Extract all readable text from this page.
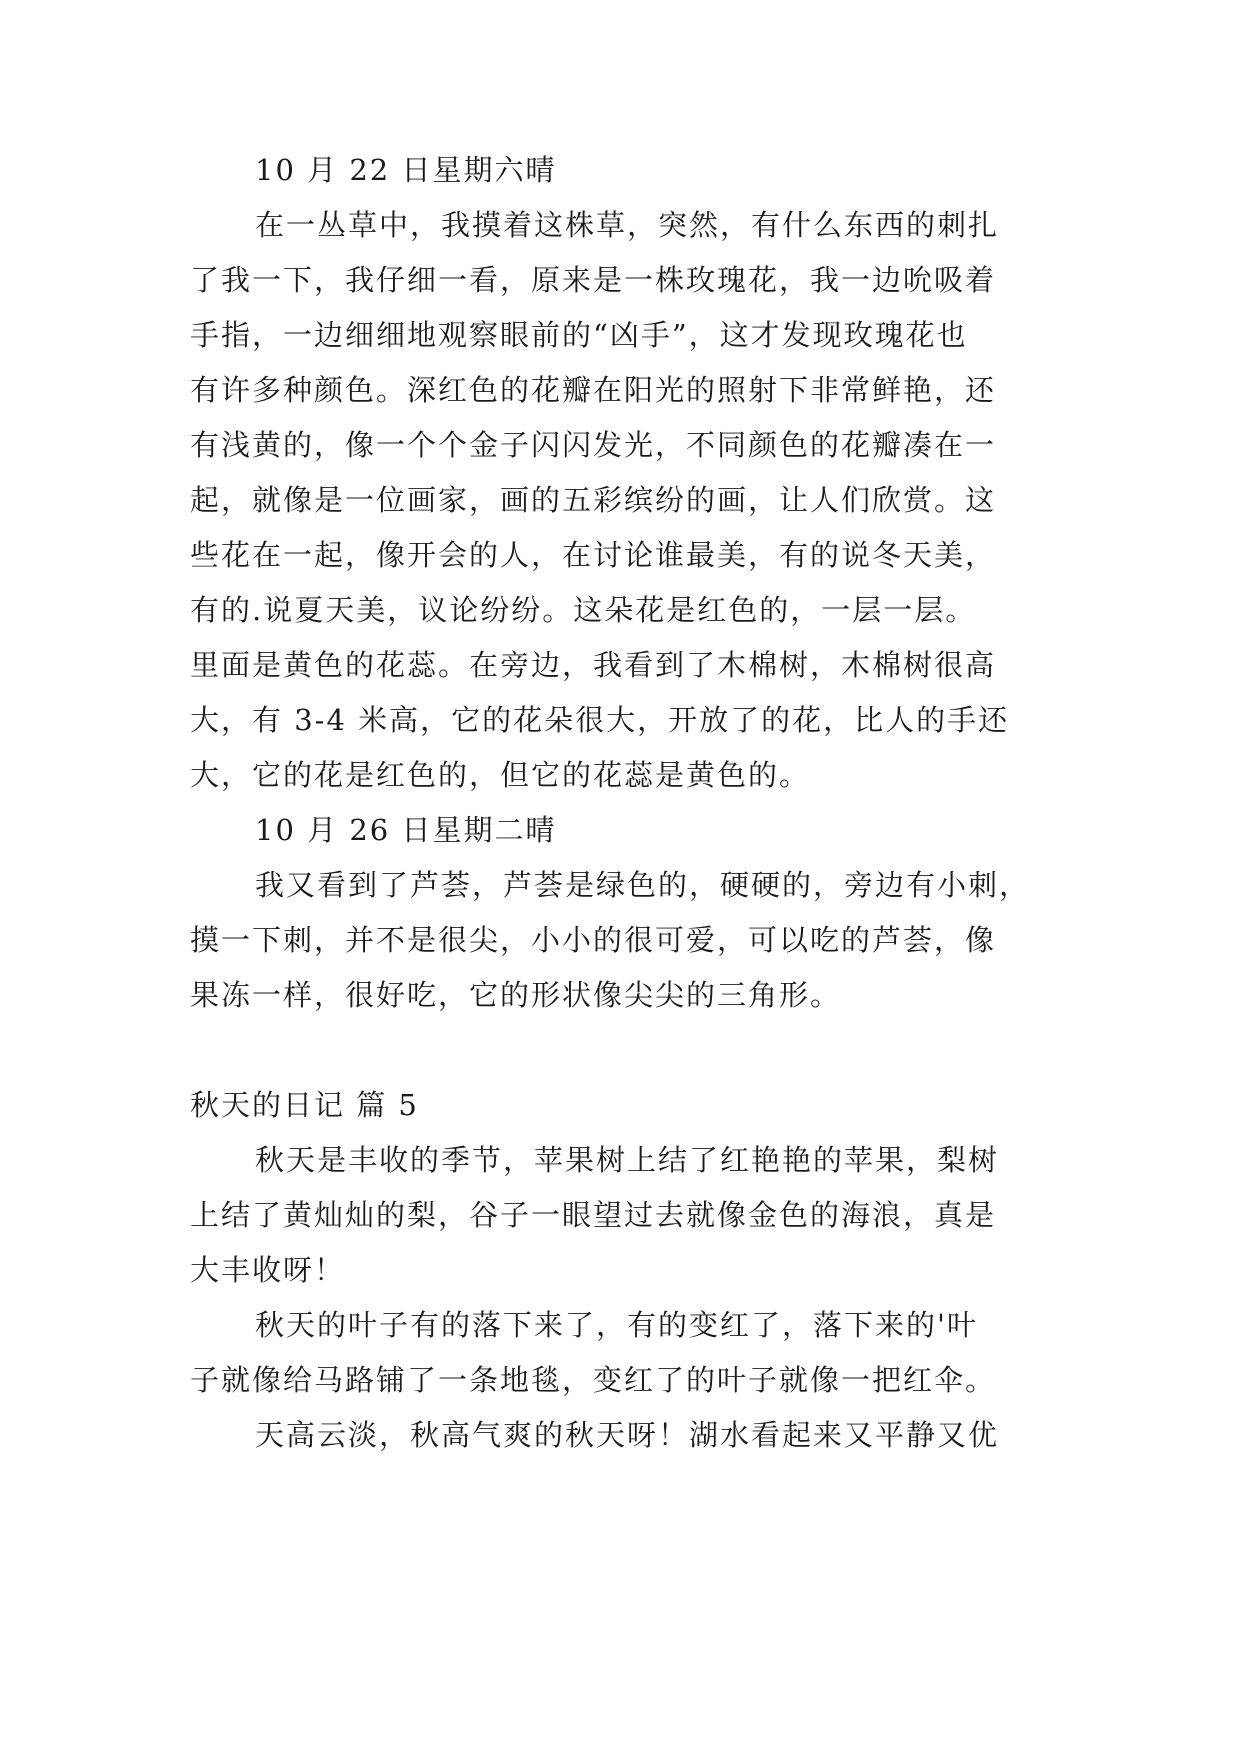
10 月 22 日星期六晴
在一丛草中，我摸着这株草，突然，有什么东西的刺扎
了我一下，我仔细一看，原来是一株玫瑰花，我一边吮吸着
手指，一边细细地观察眼前的“凶手”，这才发现玫瑰花也
有许多种颜色。深红色的花瓣在阳光的照射下非常鲜艳，还
有浅黄的，像一个个金子闪闪发光，不同颜色的花瓣凑在一
起，就像是一位画家，画的五彩缤纷的画，让人们欣赏。这
些花在一起，像开会的人，在讨论谁最美，有的说冬天美，
有的.说夏天美，议论纷纷。这朵花是红色的，一层一层。
里面是黄色的花蕊。在旁边，我看到了木棉树，木棉树很高
大，有 3-4 米高，它的花朵很大，开放了的花，比人的手还
大，它的花是红色的，但它的花蕊是黄色的。
10 月 26 日星期二晴
我又看到了芦荟，芦荟是绿色的，硬硬的，旁边有小刺，
摸一下刺，并不是很尖，小小的很可爱，可以吃的芦荟，像
果冻一样，很好吃，它的形状像尖尖的三角形。
秋天的日记 篇 5
秋天是丰收的季节，苹果树上结了红艳艳的苹果，梨树
上结了黄灿灿的梨，谷子一眼望过去就像金色的海浪，真是
大丰收呀！
秋天的叶子有的落下来了，有的变红了，落下来的'叶
子就像给马路铺了一条地毯，变红了的叶子就像一把红伞。
天高云淡，秋高气爽的秋天呀！湖水看起来又平静又优
